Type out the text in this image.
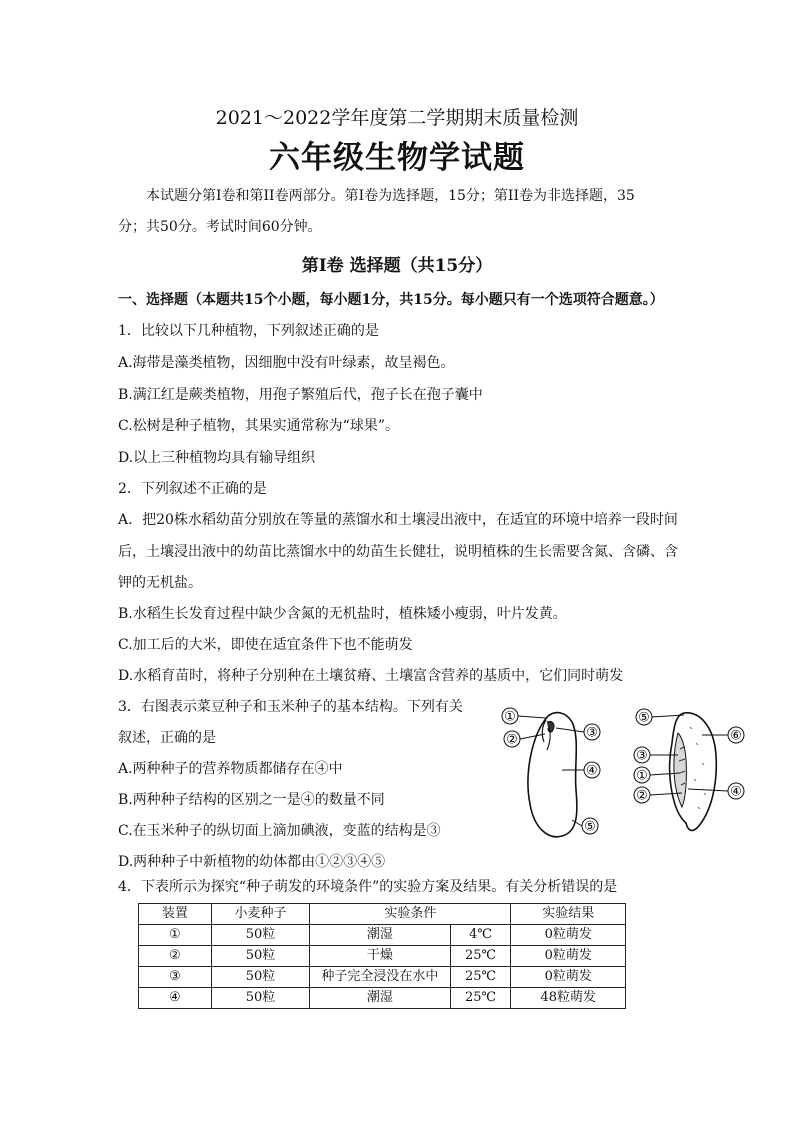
2021～2022学年度第二学期期末质量检测
六年级生物学试题
本试题分第Ⅰ卷和第II卷两部分。第Ⅰ卷为选择题，15分；第II卷为非选择题，35
分；共50分。考试时间60分钟。
第Ⅰ卷 选择题（共15分）
一、选择题（本题共15个小题，每小题1分，共15分。每小题只有一个选项符合题意。）
1．比较以下几种植物，下列叙述正确的是
A.海带是藻类植物，因细胞中没有叶绿素，故呈褐色。
B.满江红是蕨类植物，用孢子繁殖后代，孢子长在孢子囊中
C.松树是种子植物，其果实通常称为“球果”。
D.以上三种植物均具有输导组织
2．下列叙述不正确的是
A．把20株水稻幼苗分别放在等量的蒸馏水和土壤浸出液中，在适宜的环境中培养一段时间
后，土壤浸出液中的幼苗比蒸馏水中的幼苗生长健壮，说明植株的生长需要含氮、含磷、含
钾的无机盐。
B.水稻生长发育过程中缺少含氮的无机盐时，植株矮小瘦弱，叶片发黄。
C.加工后的大米，即使在适宜条件下也不能萌发
D.水稻育苗时，将种子分别种在土壤贫瘠、土壤富含营养的基质中，它们同时萌发
3．右图表示菜豆种子和玉米种子的基本结构。下列有关
叙述，正确的是
A.两种种子的营养物质都储存在④中
B.两种种子结构的区别之一是④的数量不同
C.在玉米种子的纵切面上滴加碘液，变蓝的结构是③
D.两种种子中新植物的幼体都由①②③④⑤
①
②	③
④
⑤
⑤
⑥
③
①
②	④
4．下表所示为探究“种子萌发的环境条件”的实验方案及结果。有关分析错误的是
装置	小麦种子	实验条件		实验结果
①	50粒	潮湿	4℃	0粒萌发
②	50粒	干燥	25℃	0粒萌发
③	50粒	种子完全浸没在水中	25℃	0粒萌发
④	50粒	潮湿	25℃	48粒萌发
